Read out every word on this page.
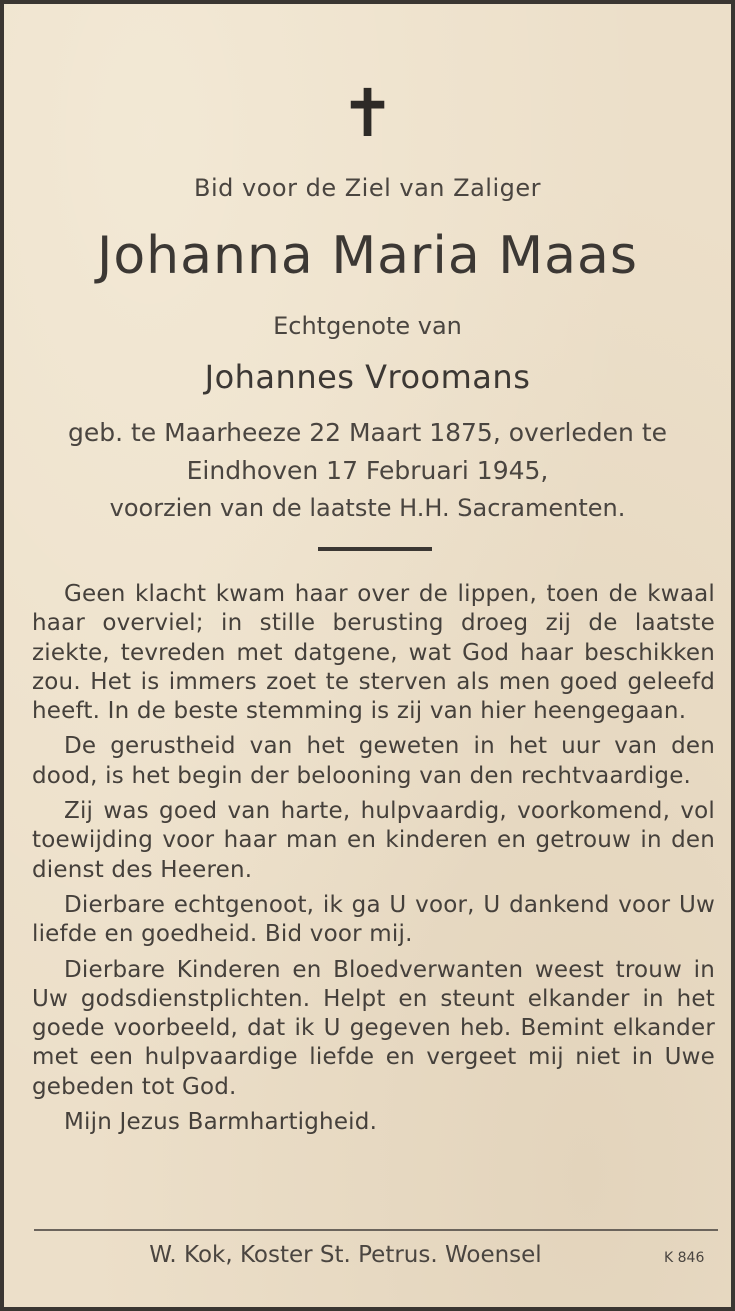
✝
Bid voor de Ziel van Zaliger
Johanna Maria Maas
Echtgenote van
Johannes Vroomans
geb. te Maarheeze 22 Maart 1875, overleden te
Eindhoven 17 Februari 1945,
voorzien van de laatste H.H. Sacramenten.

Geen klacht kwam haar over de lippen, toen de kwaal haar overviel; in stille berusting droeg zij de laatste ziekte, tevreden met datgene, wat God haar beschikken zou. Het is immers zoet te sterven als men goed geleefd heeft. In de beste stemming is zij van hier heengegaan.

De gerustheid van het geweten in het uur van den dood, is het begin der belooning van den rechtvaardige.

Zij was goed van harte, hulpvaardig, voorkomend, vol toewijding voor haar man en kinderen en getrouw in den dienst des Heeren.

Dierbare echtgenoot, ik ga U voor, U dankend voor Uw liefde en goedheid. Bid voor mij.

Dierbare Kinderen en Bloedverwanten weest trouw in Uw godsdienstplichten. Helpt en steunt elkander in het goede voorbeeld, dat ik U gegeven heb. Bemint elkander met een hulpvaardige liefde en vergeet mij niet in Uwe gebeden tot God.

Mijn Jezus Barmhartigheid.

W. Kok, Koster St. Petrus. Woensel	K 846
